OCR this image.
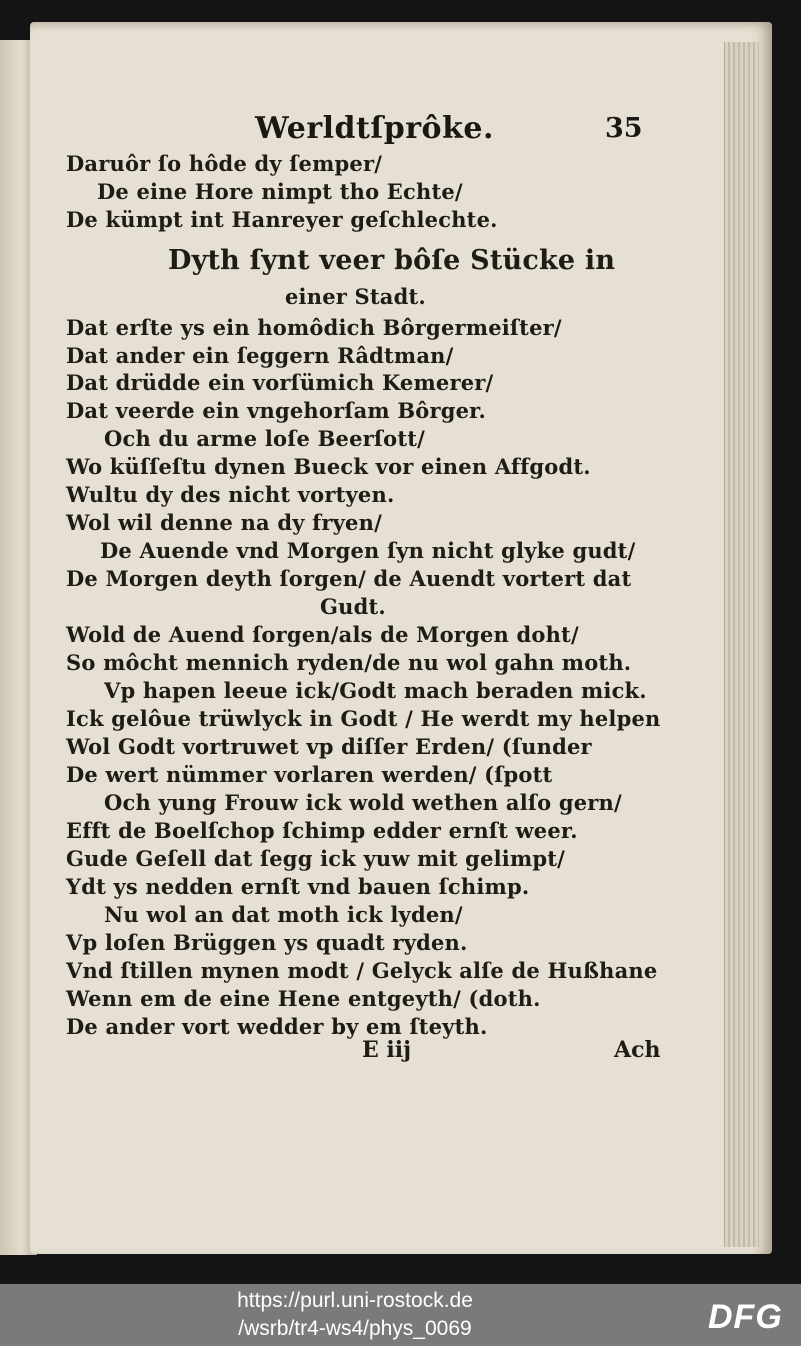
Werldtſprôke.	35
Daruôr ſo hôde dy ſemper/
De eine Hore nimpt tho Echte/
De kümpt int Hanreyer geſchlechte.
Dyth ſynt veer bôſe Stücke in
einer Stadt.
Dat erſte ys ein homôdich Bôrgermeiſter/
Dat ander ein ſeggern Râdtman/
Dat drüdde ein vorſümich Kemerer/
Dat veerde ein vngehorſam Bôrger.
Och du arme loſe Beerſott/
Wo küſſeſtu dynen Bueck vor einen Affgodt.
Wultu dy des nicht vortyen.
Wol wil denne na dy fryen/
De Auende vnd Morgen ſyn nicht glyke gudt/
De Morgen deyth ſorgen/ de Auendt vortert dat
Gudt.
Wold de Auend ſorgen/als de Morgen doht/
So môcht mennich ryden/de nu wol gahn moth.
Vp hapen leeue ick/Godt mach beraden mick.
Ick gelôue trüwlyck in Godt / He werdt my helpen
Wol Godt vortruwet vp diſſer Erden/ (ſunder
De wert nümmer vorlaren werden/ (ſpott
Och yung Frouw ick wold wethen alſo gern/
Efft de Boelſchop ſchimp edder ernſt weer.
Gude Geſell dat ſegg ick yuw mit gelimpt/
Ydt ys nedden ernſt vnd bauen ſchimp.
Nu wol an dat moth ick lyden/
Vp loſen Brüggen ys quadt ryden.
Vnd ſtillen mynen modt / Gelyck alſe de Hußhane
Wenn em de eine Hene entgeyth/ (doth.
De ander vort wedder by em ſteyth.
E iij	Ach
https://purl.uni-rostock.de
/wsrb/tr4-ws4/phys_0069	DFG
